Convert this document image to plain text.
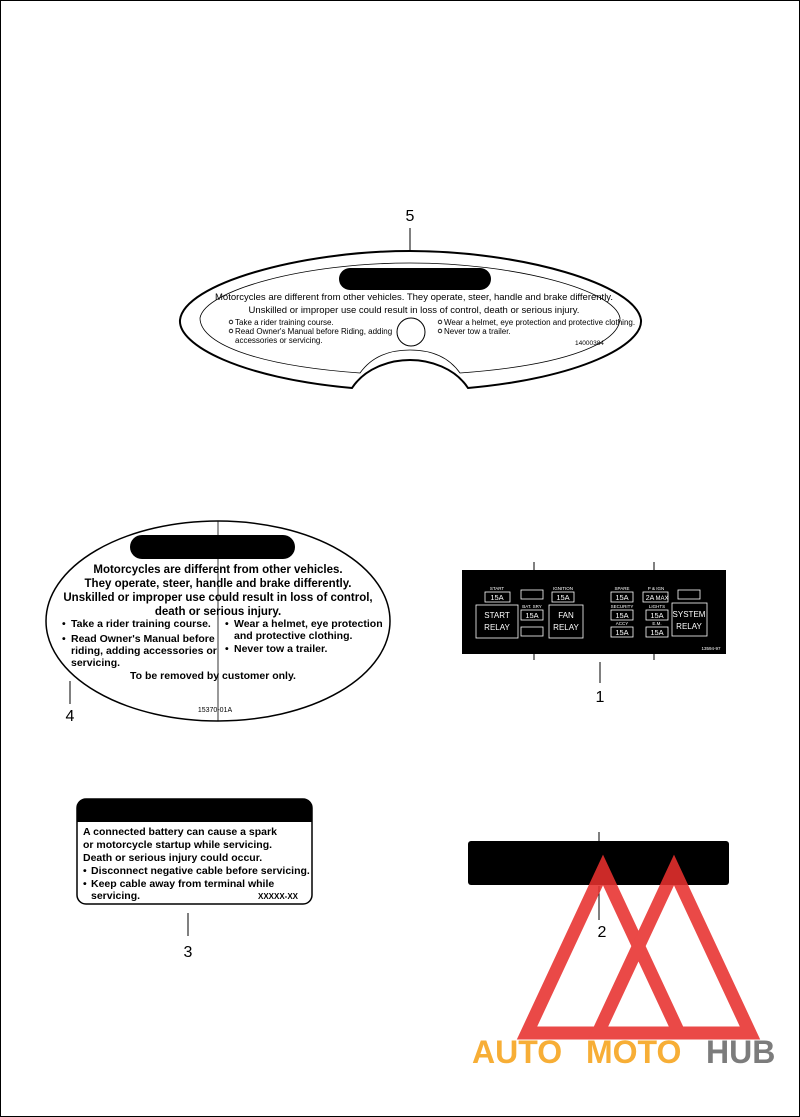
5
Motorcycles are different from other vehicles. They operate, steer, handle and brake differently.
Unskilled or improper use could result in loss of control, death or serious injury.
Take a rider training course.
Read Owner's Manual before Riding, adding
accessories or servicing.
Wear a helmet, eye protection and protective clothing.
Never tow a trailer.
14000384
Motorcycles are different from other vehicles.
They operate, steer, handle and brake differently.
Unskilled or improper use could result in loss of control,
death or serious injury.
• Take a rider training course.
• Read Owner's Manual before
riding, adding accessories or
servicing.
• Wear a helmet, eye protection
and protective clothing.
• Never tow a trailer.
To be removed by customer only.
15370-01A
4
START
15A
START
RELAY
BAT. SRY
15A
IGNITION
15A
FAN
RELAY
SPARE
15A
P & IGN
2A MAX
SECURITY
15A
LIGHTS
15A
ACCY
15A
E.M.
15A
SYSTEM
RELAY
13594-97
1
A connected battery can cause a spark
or motorcycle startup while servicing.
Death or serious injury could occur.
• Disconnect negative cable before servicing.
• Keep cable away from terminal while
servicing.	XXXXX-XX
3
2
AUTO MOTO HUB
